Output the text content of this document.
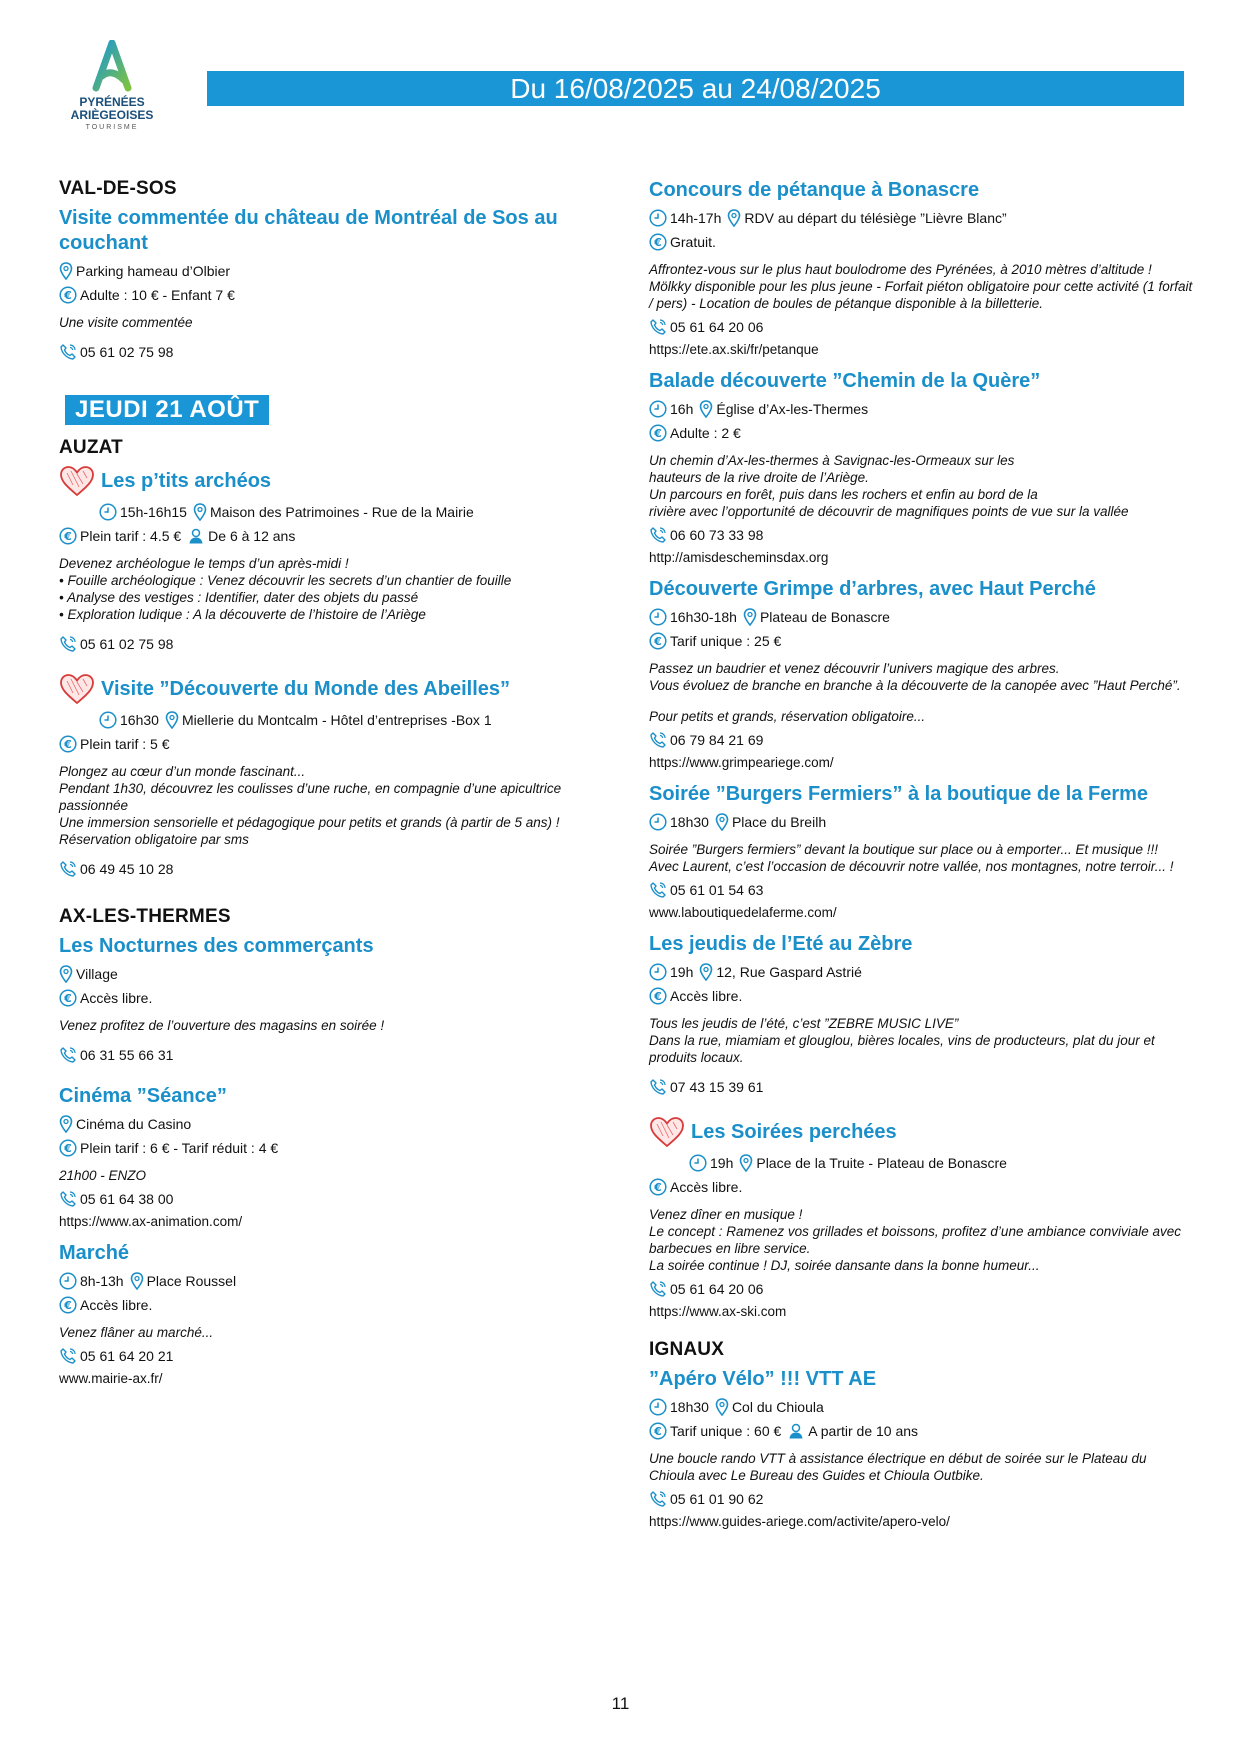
PYRÉNÉES
ARIÈGEOISES
TOURISME
Du 16/08/2025 au 24/08/2025
VAL-DE-SOS
Visite commentée du château de Montréal de Sos au couchant
Parking hameau d’Olbier
€ Adulte : 10 € - Enfant 7 €
Une visite commentée
05 61 02 75 98
JEUDI 21 AOÛT
AUZAT
Les p’tits archéos
15h-16h15 Maison des Patrimoines - Rue de la Mairie
€ Plein tarif : 4.5 € De 6 à 12 ans
Devenez archéologue le temps d’un après-midi !
• Fouille archéologique : Venez découvrir les secrets d’un chantier de fouille
• Analyse des vestiges : Identifier, dater des objets du passé
• Exploration ludique : A la découverte de l’histoire de l’Ariège
05 61 02 75 98
Visite ”Découverte du Monde des Abeilles”
16h30 Miellerie du Montcalm - Hôtel d’entreprises -Box 1
€ Plein tarif : 5 €
Plongez au cœur d’un monde fascinant...
Pendant 1h30, découvrez les coulisses d’une ruche, en compagnie d’une apicultrice passionnée
Une immersion sensorielle et pédagogique pour petits et grands (à partir de 5 ans) !
Réservation obligatoire par sms
06 49 45 10 28
AX-LES-THERMES
Les Nocturnes des commerçants
Village
€ Accès libre.
Venez profitez de l’ouverture des magasins en soirée !
06 31 55 66 31
Cinéma ”Séance”
Cinéma du Casino
€ Plein tarif : 6 € - Tarif réduit : 4 €
21h00 - ENZO
05 61 64 38 00
https://www.ax-animation.com/
Marché
8h-13h Place Roussel
€ Accès libre.
Venez flâner au marché...
05 61 64 20 21
www.mairie-ax.fr/
Concours de pétanque à Bonascre
14h-17h RDV au départ du télésiège ”Lièvre Blanc”
€ Gratuit.
Affrontez-vous sur le plus haut boulodrome des Pyrénées, à 2010 mètres d’altitude !
Mölkky disponible pour les plus jeune - Forfait piéton obligatoire pour cette activité (1 forfait / pers) - Location de boules de pétanque disponible à la billetterie.
05 61 64 20 06
https://ete.ax.ski/fr/petanque
Balade découverte ”Chemin de la Quère”
16h Église d’Ax-les-Thermes
€ Adulte : 2 €
Un chemin d’Ax-les-thermes à Savignac-les-Ormeaux sur les
hauteurs de la rive droite de l’Ariège.
Un parcours en forêt, puis dans les rochers et enfin au bord de la
rivière avec l’opportunité de découvrir de magnifiques points de vue sur la vallée
06 60 73 33 98
http://amisdescheminsdax.org
Découverte Grimpe d’arbres, avec Haut Perché
16h30-18h Plateau de Bonascre
€ Tarif unique : 25 €
Passez un baudrier et venez découvrir l’univers magique des arbres.
Vous évoluez de branche en branche à la découverte de la canopée avec ”Haut Perché”.
Pour petits et grands, réservation obligatoire...
06 79 84 21 69
https://www.grimpeariege.com/
Soirée ”Burgers Fermiers” à la boutique de la Ferme
18h30 Place du Breilh
Soirée ”Burgers fermiers” devant la boutique sur place ou à emporter... Et musique !!!
Avec Laurent, c’est l’occasion de découvrir notre vallée, nos montagnes, notre terroir... !
05 61 01 54 63
www.laboutiquedelaferme.com/
Les jeudis de l’Eté au Zèbre
19h 12, Rue Gaspard Astrié
€ Accès libre.
Tous les jeudis de l’été, c’est ”ZEBRE MUSIC LIVE”
Dans la rue, miamiam et glouglou, bières locales, vins de producteurs, plat du jour et produits locaux.
07 43 15 39 61
Les Soirées perchées
19h Place de la Truite - Plateau de Bonascre
€ Accès libre.
Venez dîner en musique !
Le concept : Ramenez vos grillades et boissons, profitez d’une ambiance conviviale avec barbecues en libre service.
La soirée continue ! DJ, soirée dansante dans la bonne humeur...
05 61 64 20 06
https://www.ax-ski.com
IGNAUX
”Apéro Vélo” !!! VTT AE
18h30 Col du Chioula
€ Tarif unique : 60 € A partir de 10 ans
Une boucle rando VTT à assistance électrique en début de soirée sur le Plateau du Chioula avec Le Bureau des Guides et Chioula Outbike.
05 61 01 90 62
https://www.guides-ariege.com/activite/apero-velo/
11
